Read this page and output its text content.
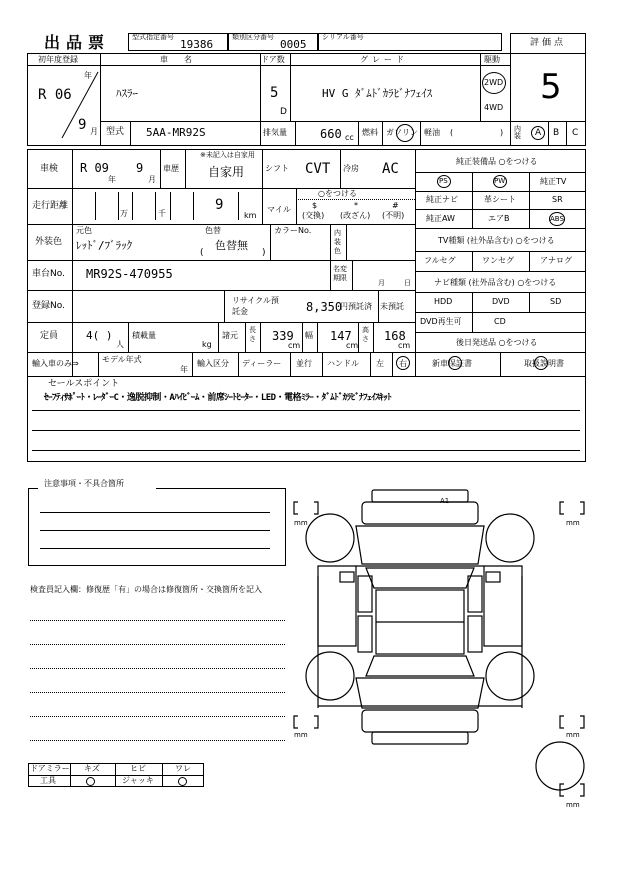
出品票	型式指定番号
19386
類別区分番号
0005
シリアル番号
評価点
5
初年度登録
R 06
年
9 月
車　名
ﾊｽﾗｰ
ドア数
5
D
グレード
HV G ﾀﾞﾑﾄﾞｶﾗﾋﾞﾅﾌｪｲｽ
駆動
2WD
4WD
型式 5AA-MR92S	排気量	660 cc
燃料 ガソリン 軽油 (	) 内装	A B C
車検 R 09
年
9
月
車歴
※未記入は自家用
自家用	シフト CVT 冷房 AC
走行距離
万	千
9
km
マイル
○をつける
$
(交換)
*
(改ざん)
#
(不明)
外装色
元色
ﾚｯﾄﾞ/ﾌﾞﾗｯｸ
色替
色替無
(	)
カラーNo.	内装色
車台No. MR92S-470955	名変期限
月	日
登録No.
リサイクル預託金	8,350
円預託済 未預託
定員	4( )
人
積載量
kg
諸元
長さ 339
cm
幅 147
cm
高さ 168
cm
輸入車のみ⇒	モデル年式
年
輸入区分 ディーラー 並行 ハンドル 左 右
純正装備品 ○をつける
PS	PW	純正TV
純正ナビ	革シート	SR
純正AW	エアB	ABS
TV種類 (社外品含む) ○をつける
フルセグ	ワンセグ	アナログ
ナビ種類 (社外品含む) ○をつける
HDD	DVD	SD
DVD再生可	CD
後日発送品 ○をつける
新車保証書	取扱説明書
セールスポイント
ｾｰﾌﾃｨｻﾎﾟｰﾄ・ﾚｰﾀﾞｰC・逸脱抑制・Aﾊｲﾋﾞｰﾑ・前席ｼｰﾄﾋｰﾀｰ・LED・電格ﾐﾗｰ・ﾀﾞﾑﾄﾞｶﾗﾋﾞﾅﾌｪｲｽｷｯﾄ
注意事項・不具合箇所
検査員記入欄：修復歴「有」の場合は修復箇所・交換箇所を記入
ドアミラー キズ	ヒビ	ワレ
工具	ジャッキ
A1
mm	mm
mm	mm
mm
